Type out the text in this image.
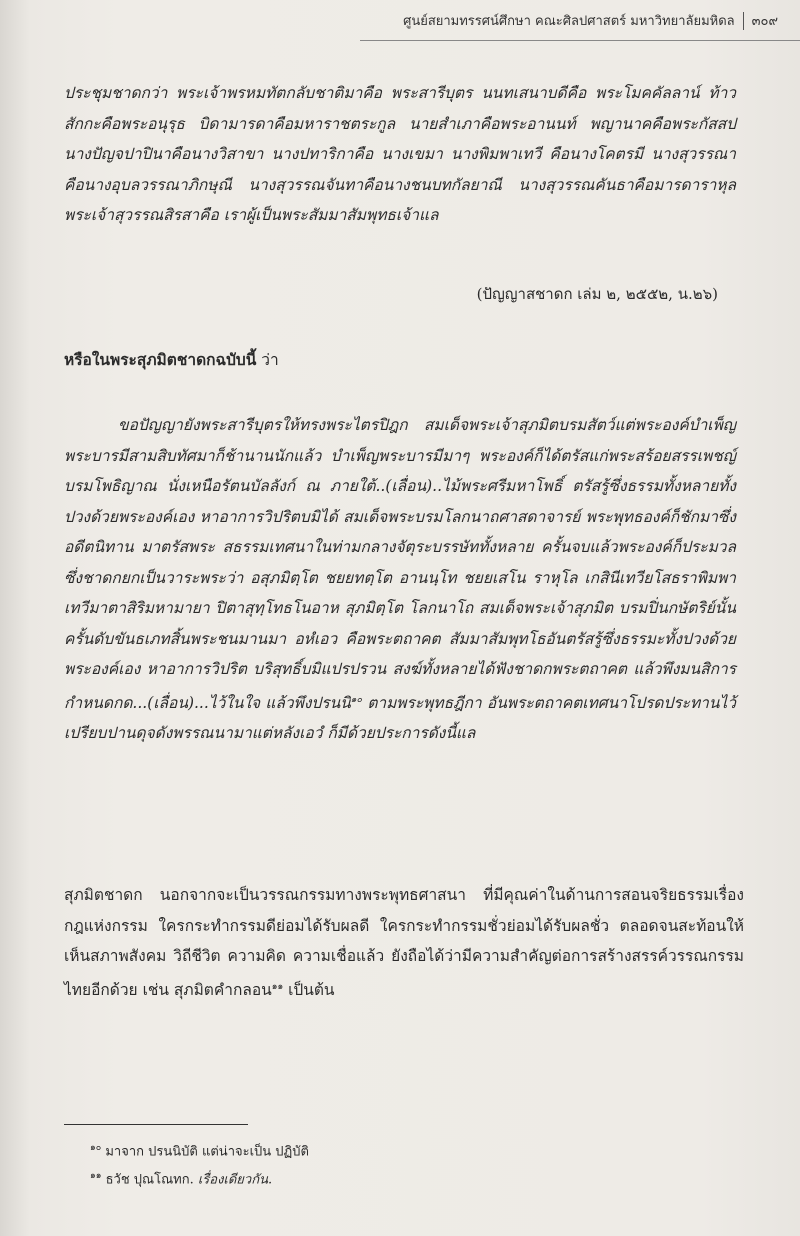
ศูนย์สยามทรรศน์ศึกษา คณะศิลปศาสตร์ มหาวิทยาลัยมหิดล ๓๐๙
ประชุมชาดกว่า พระเจ้าพรหมทัตกลับชาติมาคือ พระสารีบุตร นนทเสนาบดีคือ พระโมคคัลลาน์ ท้าวสักกะคือพระอนุรุธ บิดามารดาคือมหาราชตระกูล นายสำเภาคือพระอานนท์ พญานาคคือพระกัสสป นางปัญจปาปินาคือนางวิสาขา นางปทาริกาคือ นางเขมา นางพิมพาเทวี คือนางโคตรมี นางสุวรรณาคือนางอุบลวรรณาภิกษุณี นางสุวรรณจันทาคือนางชนบทกัลยาณี นางสุวรรณคันธาคือมารดาราหุล พระเจ้าสุวรรณสิรสาคือ เราผู้เป็นพระสัมมาสัมพุทธเจ้าแล
(ปัญญาสชาดก เล่ม ๒, ๒๕๕๒, น.๒๖)
หรือในพระสุภมิตชาดกฉบับนี้ ว่า
ขอปัญญายังพระสารีบุตรให้ทรงพระไตรปิฎก สมเด็จพระเจ้าสุภมิตบรมสัตว์แต่พระองค์บำเพ็ญพระบารมีสามสิบทัศมาก็ช้านานนักแล้ว บำเพ็ญพระบารมีมาๆ พระองค์ก็ได้ตรัสแก่พระสร้อยสรรเพชญ์บรมโพธิญาณ นั่งเหนือรัตนบัลลังก์ ณ ภายใต้..(เลื่อน)..ไม้พระศรีมหาโพธิ์ ตรัสรู้ซึ่งธรรมทั้งหลายทั้งปวงด้วยพระองค์เอง หาอาการวิปริตบมิได้ สมเด็จพระบรมโลกนาถศาสดาจารย์ พระพุทธองค์ก็ชักมาซึ่งอดีตนิทาน มาตรัสพระ สธรรมเทศนาในท่ามกลางจัตุระบรรษัททั้งหลาย ครั้นจบแล้วพระองค์ก็ประมวลซึ่งชาดกยกเป็นวาระพระว่า อสุภมิตฺโต ชยยทตฺโต อานนฺโท ชยยเสโน ราหุโล เกสินีเทวียโสธราพิมพาเทวีมาตาสิริมหามายา ปิตาสุทฺโทธโนอาห สุภมิตฺโต โลกนาโถ สมเด็จพระเจ้าสุภมิต บรมปิ่นกษัตริย์นั้น ครั้นดับขันธเภทสิ้นพระชนมานมา อหํเอว คือพระตถาคต สัมมาสัมพุทโธอันตรัสรู้ซึ่งธรรมะทั้งปวงด้วยพระองค์เอง หาอาการวิปริต บริสุทธิ์บมิแปรปรวน สงฆ์ทั้งหลายได้ฟังชาดกพระตถาคต แล้วพึงมนสิการกำหนดกด...(เลื่อน)...ไว้ในใจ แล้วพึงปรนนิ$^{๑๐}$ ตามพระพุทธฎีกา อันพระตถาคตเทศนาโปรดประทานไว้ เปรียบปานดุจดังพรรณนามาแต่หลังเอวํ ก็มีด้วยประการดังนี้แล
สุภมิตชาดก นอกจากจะเป็นวรรณกรรมทางพระพุทธศาสนา ที่มีคุณค่าในด้านการสอนจริยธรรมเรื่อง กฎแห่งกรรม ใครกระทำกรรมดีย่อมได้รับผลดี ใครกระทำกรรมชั่วย่อมได้รับผลชั่ว ตลอดจนสะท้อนให้เห็นสภาพสังคม วิถีชีวิต ความคิด ความเชื่อแล้ว ยังถือได้ว่ามีความสำคัญต่อการสร้างสรรค์วรรณกรรมไทยอีกด้วย เช่น สุภมิตคำกลอน$^{๑๑}$ เป็นต้น
$^{๑๐}$ มาจาก ปรนนิบัติ แต่น่าจะเป็น ปฏิบัติ
$^{๑๑}$ ธวัช ปุณโณทก. เรื่องเดียวกัน.
